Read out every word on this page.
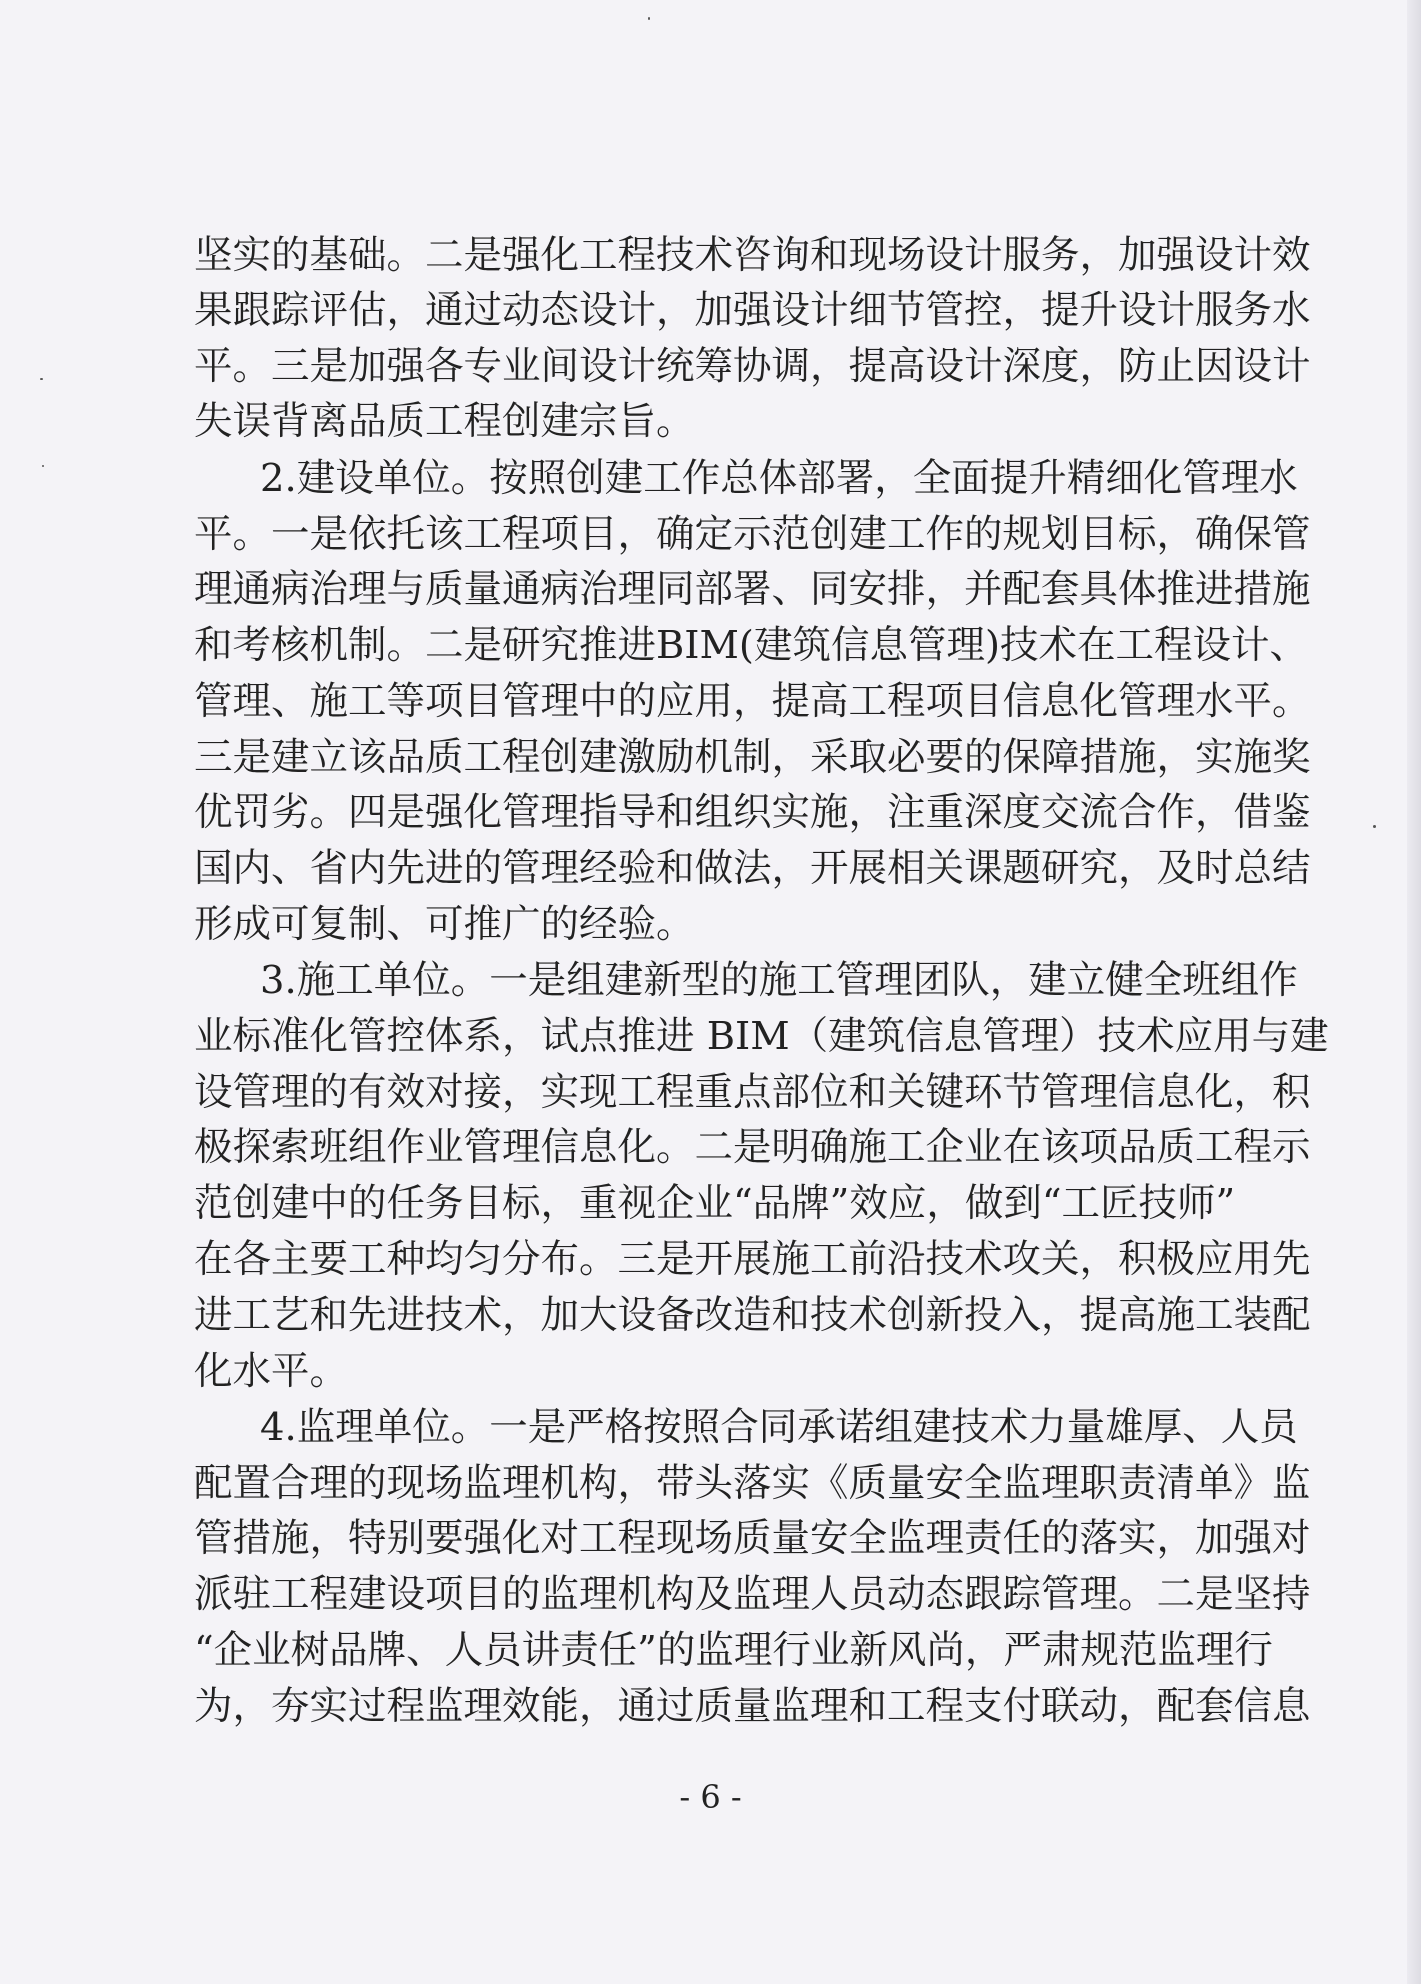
坚实的基础。二是强化工程技术咨询和现场设计服务，加强设计效
果跟踪评估，通过动态设计，加强设计细节管控，提升设计服务水
平。三是加强各专业间设计统筹协调，提高设计深度，防止因设计
失误背离品质工程创建宗旨。
2.建设单位。按照创建工作总体部署，全面提升精细化管理水
平。一是依托该工程项目，确定示范创建工作的规划目标，确保管
理通病治理与质量通病治理同部署、同安排，并配套具体推进措施
和考核机制。二是研究推进BIM(建筑信息管理)技术在工程设计、
管理、施工等项目管理中的应用，提高工程项目信息化管理水平。
三是建立该品质工程创建激励机制，采取必要的保障措施，实施奖
优罚劣。四是强化管理指导和组织实施，注重深度交流合作，借鉴
国内、省内先进的管理经验和做法，开展相关课题研究，及时总结
形成可复制、可推广的经验。
3.施工单位。一是组建新型的施工管理团队，建立健全班组作
业标准化管控体系，试点推进 BIM（建筑信息管理）技术应用与建
设管理的有效对接，实现工程重点部位和关键环节管理信息化，积
极探索班组作业管理信息化。二是明确施工企业在该项品质工程示
范创建中的任务目标，重视企业“品牌”效应，做到“工匠技师”
在各主要工种均匀分布。三是开展施工前沿技术攻关，积极应用先
进工艺和先进技术，加大设备改造和技术创新投入，提高施工装配
化水平。
4.监理单位。一是严格按照合同承诺组建技术力量雄厚、人员
配置合理的现场监理机构，带头落实《质量安全监理职责清单》监
管措施，特别要强化对工程现场质量安全监理责任的落实，加强对
派驻工程建设项目的监理机构及监理人员动态跟踪管理。二是坚持
“企业树品牌、人员讲责任”的监理行业新风尚，严肃规范监理行
为，夯实过程监理效能，通过质量监理和工程支付联动，配套信息
- 6 -
